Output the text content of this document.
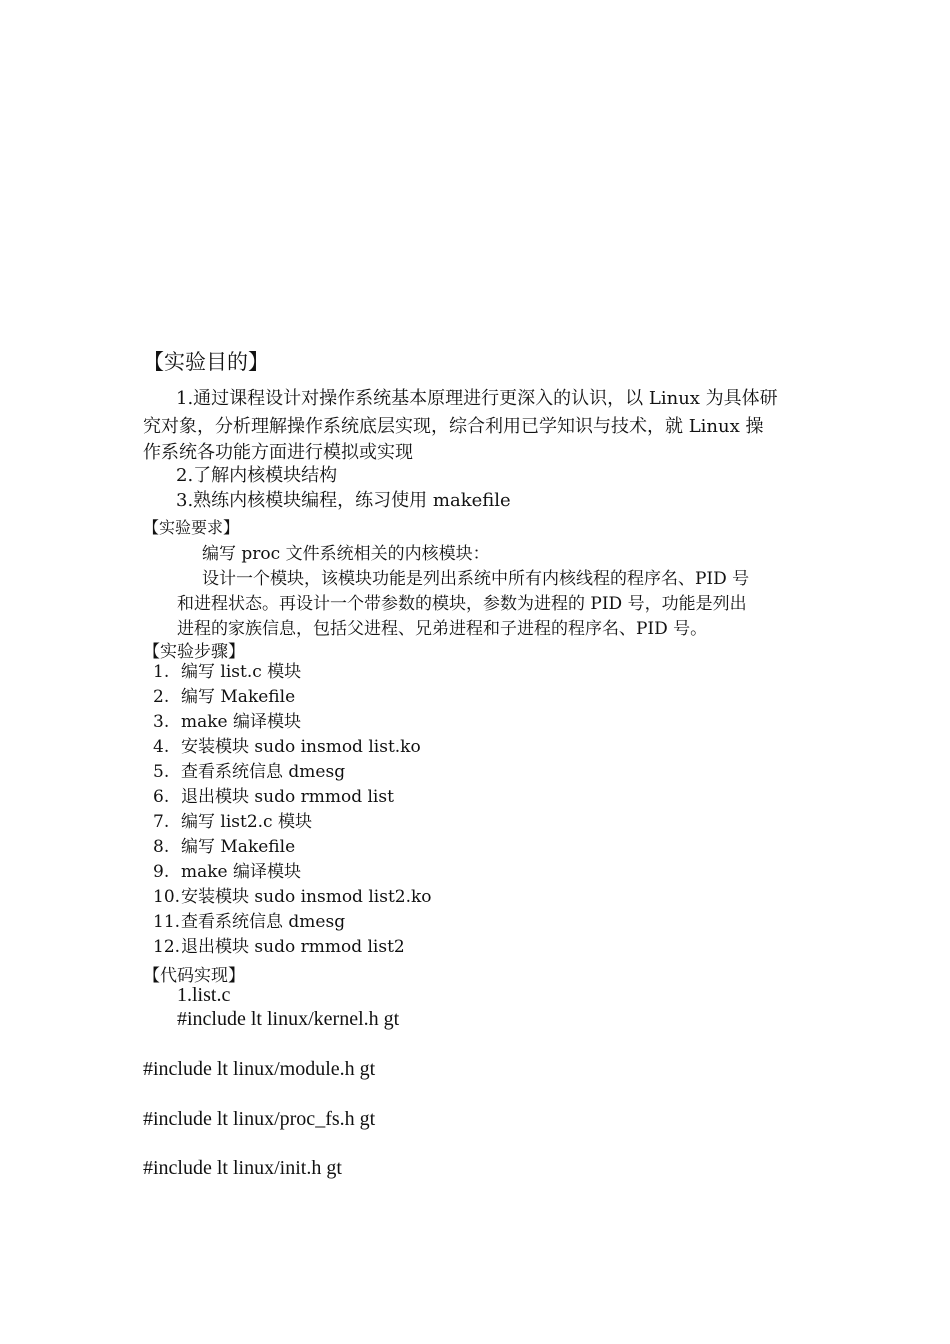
【实验目的】
1.通过课程设计对操作系统基本原理进行更深入的认识，以 Linux 为具体研
究对象，分析理解操作系统底层实现，综合利用已学知识与技术，就 Linux 操
作系统各功能方面进行模拟或实现
2.了解内核模块结构
3.熟练内核模块编程，练习使用 makefile
【实验要求】
编写 proc 文件系统相关的内核模块：
设计一个模块，该模块功能是列出系统中所有内核线程的程序名、PID 号
和进程状态。再设计一个带参数的模块，参数为进程的 PID 号，功能是列出
进程的家族信息，包括父进程、兄弟进程和子进程的程序名、PID 号。
【实验步骤】
1. 编写 list.c 模块
2. 编写 Makefile
3. make 编译模块
4. 安装模块 sudo insmod list.ko
5. 查看系统信息 dmesg
6. 退出模块 sudo rmmod list
7. 编写 list2.c 模块
8. 编写 Makefile
9. make 编译模块
10.安装模块 sudo insmod list2.ko
11.查看系统信息 dmesg
12.退出模块 sudo rmmod list2
【代码实现】
1.list.c
#include lt linux/kernel.h gt
#include lt linux/module.h gt
#include lt linux/proc_fs.h gt
#include lt linux/init.h gt
